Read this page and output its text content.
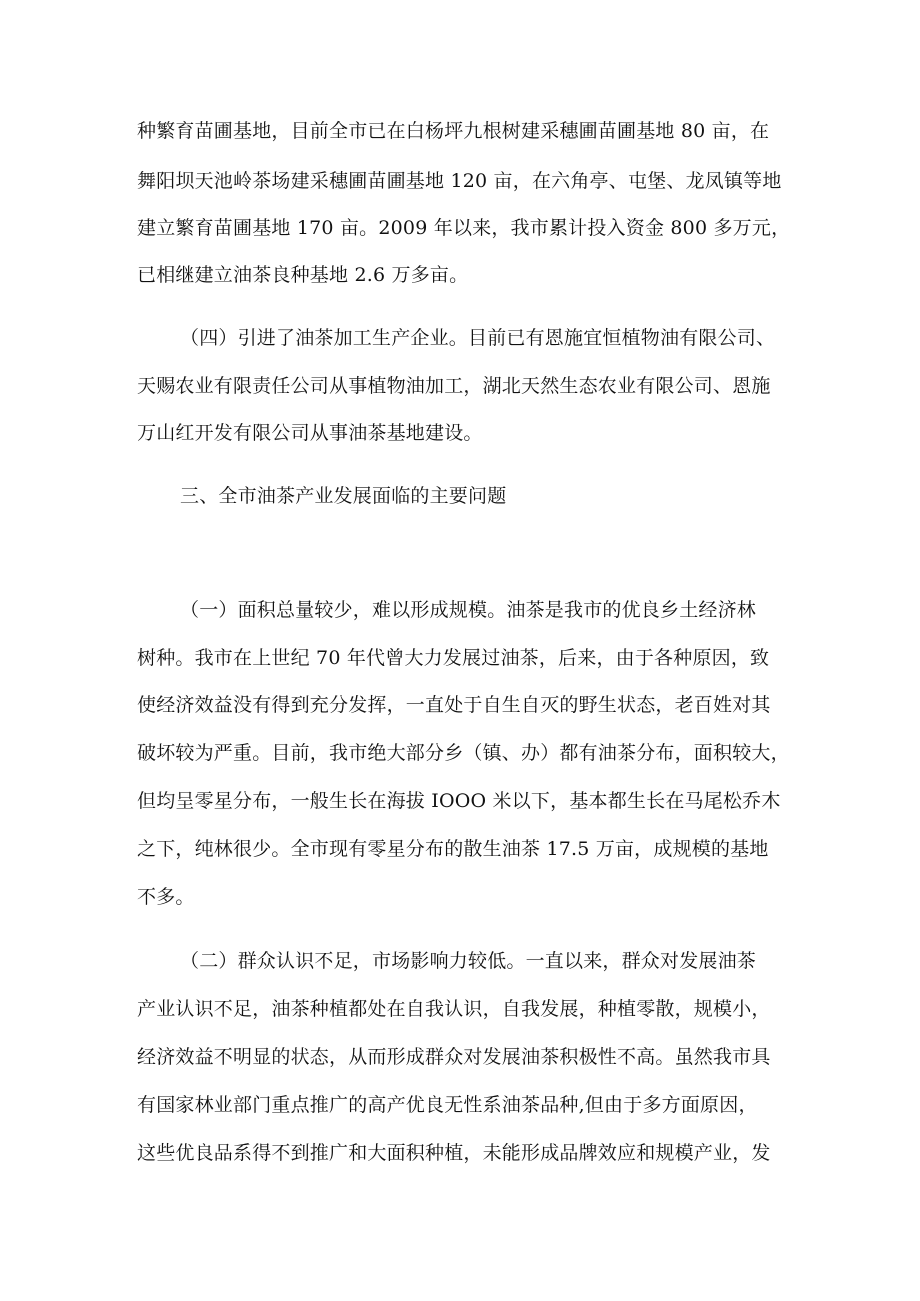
种繁育苗圃基地，目前全市已在白杨坪九根树建采穗圃苗圃基地 80 亩，在
舞阳坝天池岭茶场建采穗圃苗圃基地 120 亩，在六角亭、屯堡、龙凤镇等地
建立繁育苗圃基地 170 亩。2009 年以来，我市累计投入资金 800 多万元，
已相继建立油茶良种基地 2.6 万多亩。
（四）引进了油茶加工生产企业。目前已有恩施宜恒植物油有限公司、
天赐农业有限责任公司从事植物油加工，湖北天然生态农业有限公司、恩施
万山红开发有限公司从事油茶基地建设。
三、全市油茶产业发展面临的主要问题
（一）面积总量较少，难以形成规模。油茶是我市的优良乡土经济林
树种。我市在上世纪 70 年代曾大力发展过油茶，后来，由于各种原因，致
使经济效益没有得到充分发挥，一直处于自生自灭的野生状态，老百姓对其
破坏较为严重。目前，我市绝大部分乡（镇、办）都有油茶分布，面积较大，
但均呈零星分布，一般生长在海拔 IOOO 米以下，基本都生长在马尾松乔木
之下，纯林很少。全市现有零星分布的散生油茶 17.5 万亩，成规模的基地
不多。
（二）群众认识不足，市场影响力较低。一直以来，群众对发展油茶
产业认识不足，油茶种植都处在自我认识，自我发展，种植零散，规模小，
经济效益不明显的状态，从而形成群众对发展油茶积极性不高。虽然我市具
有国家林业部门重点推广的高产优良无性系油茶品种,但由于多方面原因，
这些优良品系得不到推广和大面积种植，未能形成品牌效应和规模产业，发
